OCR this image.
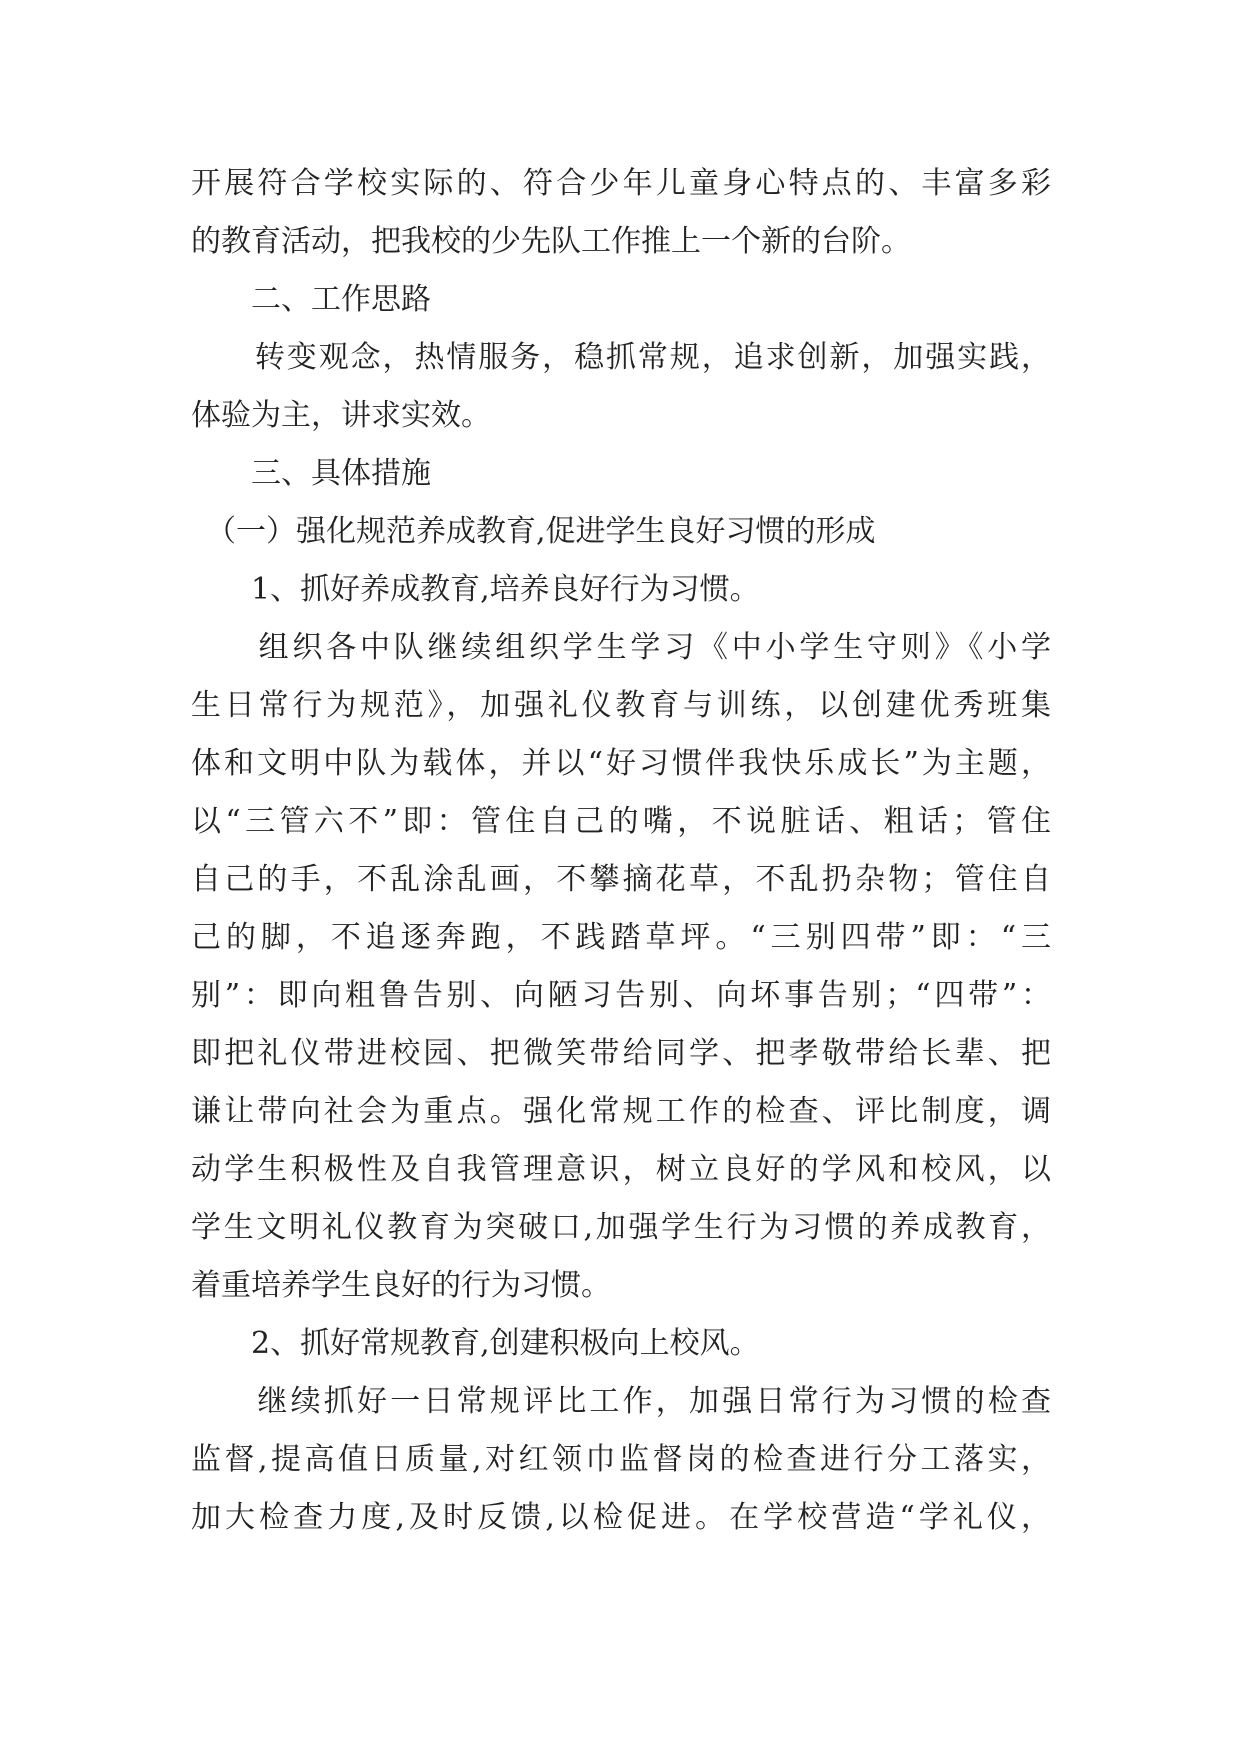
开展符合学校实际的、符合少年儿童身心特点的、丰富多彩
的教育活动，把我校的少先队工作推上一个新的台阶。
　　二、工作思路
　　转变观念，热情服务，稳抓常规，追求创新，加强实践，
体验为主，讲求实效。
　　三、具体措施
　（一）强化规范养成教育,促进学生良好习惯的形成
　　1、抓好养成教育,培养良好行为习惯。
　　组织各中队继续组织学生学习《中小学生守则》《小学
生日常行为规范》，加强礼仪教育与训练，以创建优秀班集
体和文明中队为载体，并以“好习惯伴我快乐成长”为主题，
以“三管六不”即：管住自己的嘴，不说脏话、粗话；管住
自己的手，不乱涂乱画，不攀摘花草，不乱扔杂物；管住自
己的脚，不追逐奔跑，不践踏草坪。“三别四带”即：“三
别”：即向粗鲁告别、向陋习告别、向坏事告别；“四带”：
即把礼仪带进校园、把微笑带给同学、把孝敬带给长辈、把
谦让带向社会为重点。强化常规工作的检查、评比制度，调
动学生积极性及自我管理意识，树立良好的学风和校风，以
学生文明礼仪教育为突破口,加强学生行为习惯的养成教育，
着重培养学生良好的行为习惯。
　　2、抓好常规教育,创建积极向上校风。
　　继续抓好一日常规评比工作，加强日常行为习惯的检查
监督,提高值日质量,对红领巾监督岗的检查进行分工落实，
加大检查力度,及时反馈,以检促进。在学校营造“学礼仪，
